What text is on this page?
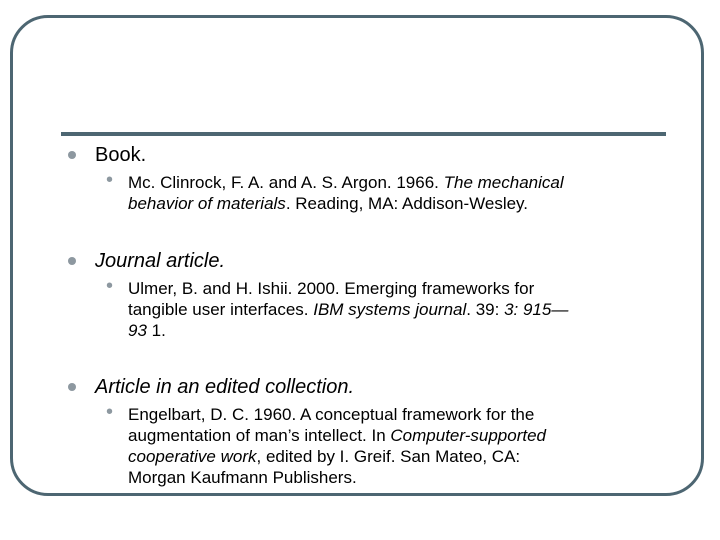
Book.
• Mc. Clinrock, F. A. and A. S. Argon. 1966. The mechanical
behavior of materials. Reading, MA: Addison-Wesley.
Journal article.
• Ulmer, B. and H. Ishii. 2000. Emerging frameworks for
tangible user interfaces. IBM systems journal. 39: 3: 915—
93 1.
Article in an edited collection.
• Engelbart, D. C. 1960. A conceptual framework for the
augmentation of man’s intellect. In Computer-supported
cooperative work, edited by I. Greif. San Mateo, CA:
Morgan Kaufmann Publishers.
